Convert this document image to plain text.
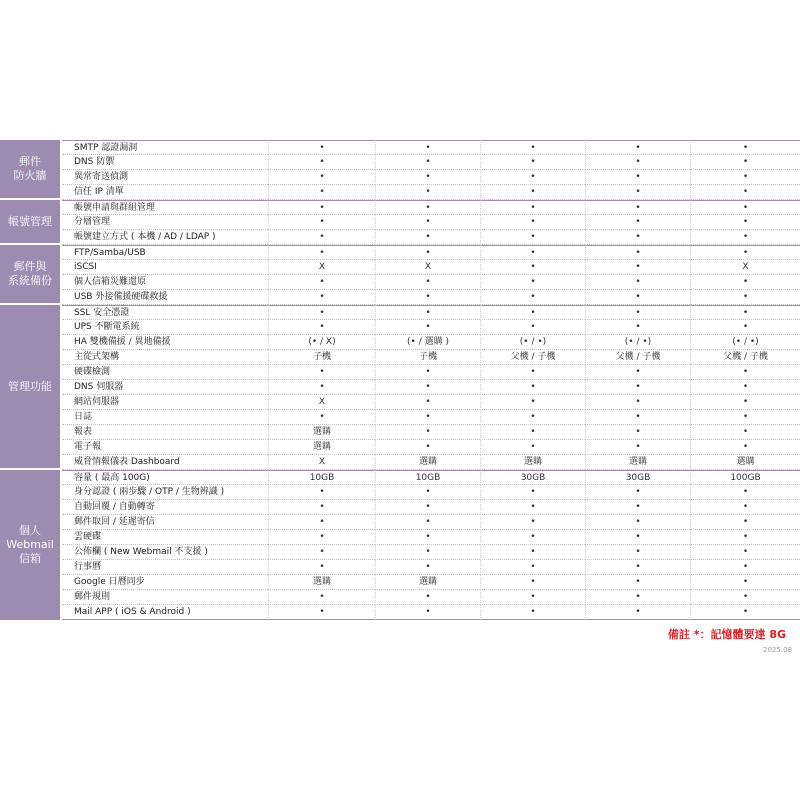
郵件
防火牆
SMTP 認證漏洞	•	•	•	•	•
DNS 防禦	•	•	•	•	•
異常寄送偵測	•	•	•	•	•
信任 IP 清單	•	•	•	•	•
帳號管理
帳號申請與群組管理	•	•	•	•	•
分層管理	•	•	•	•	•
帳號建立方式 ( 本機 / AD / LDAP )	•	•	•	•	•
郵件與
系統備份
FTP/Samba/USB	•	•	•	•	•
iSCSI	X	X	•	•	X
個人信箱災難還原	•	•	•	•	•
USB 外接備援硬碟救援	•	•	•	•	•
管理功能
SSL 安全憑證	•	•	•	•	•
UPS 不斷電系統	•	•	•	•	•
HA 雙機備援 / 異地備援	(• / X)	(• / 選購 )	(• / •)	(• / •)	(• / •)
主從式架構	子機	子機	父機 / 子機	父機 / 子機	父機 / 子機
硬碟檢測	•	•	•	•	•
DNS 伺服器	•	•	•	•	•
網站伺服器	X	•	•	•	•
日誌	•	•	•	•	•
報表	選購	•	•	•	•
電子報	選購	•	•	•	•
威脅情報儀表 Dashboard	X	選購	選購	選購	選購
個人
Webmail
信箱
容量 ( 最高 100G)	10GB	10GB	30GB	30GB	100GB
身分認證 ( 兩步驟 / OTP / 生物辨識 )	•	•	•	•	•
自動回覆 / 自動轉寄	•	•	•	•	•
郵件取回 / 延遲寄信	•	•	•	•	•
雲硬碟	•	•	•	•	•
公佈欄 ( New Webmail 不支援 )	•	•	•	•	•
行事曆	•	•	•	•	•
Google 日曆同步	選購	選購	•	•	•
郵件規則	•	•	•	•	•
Mail APP ( iOS & Android )	•	•	•	•	•
備註 *：記憶體要達 8G
2025.08
